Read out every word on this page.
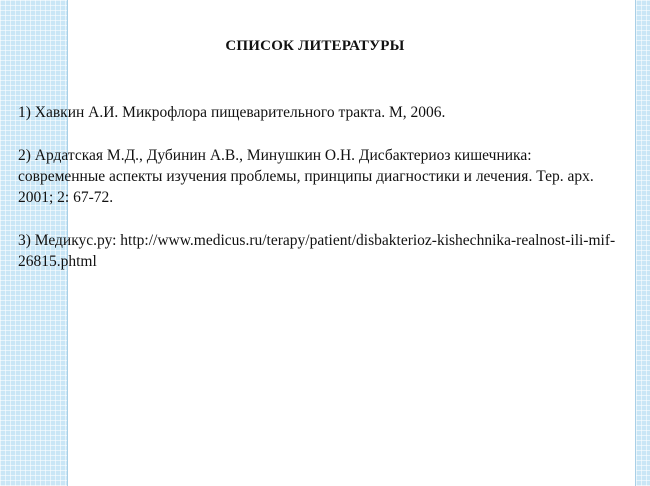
СПИСОК ЛИТЕРАТУРЫ
1) Хавкин А.И. Микрофлора пищеварительного тракта. М, 2006.
2) Ардатская М.Д., Дубинин А.В., Минушкин О.Н. Дисбактериоз кишечника: современные аспекты изучения проблемы, принципы диагностики и лечения. Тер. арх. 2001; 2: 67-72.
3) Медикус.ру: http://www.medicus.ru/terapy/patient/disbakterioz-kishechnika-realnost-ili-mif-26815.phtml
